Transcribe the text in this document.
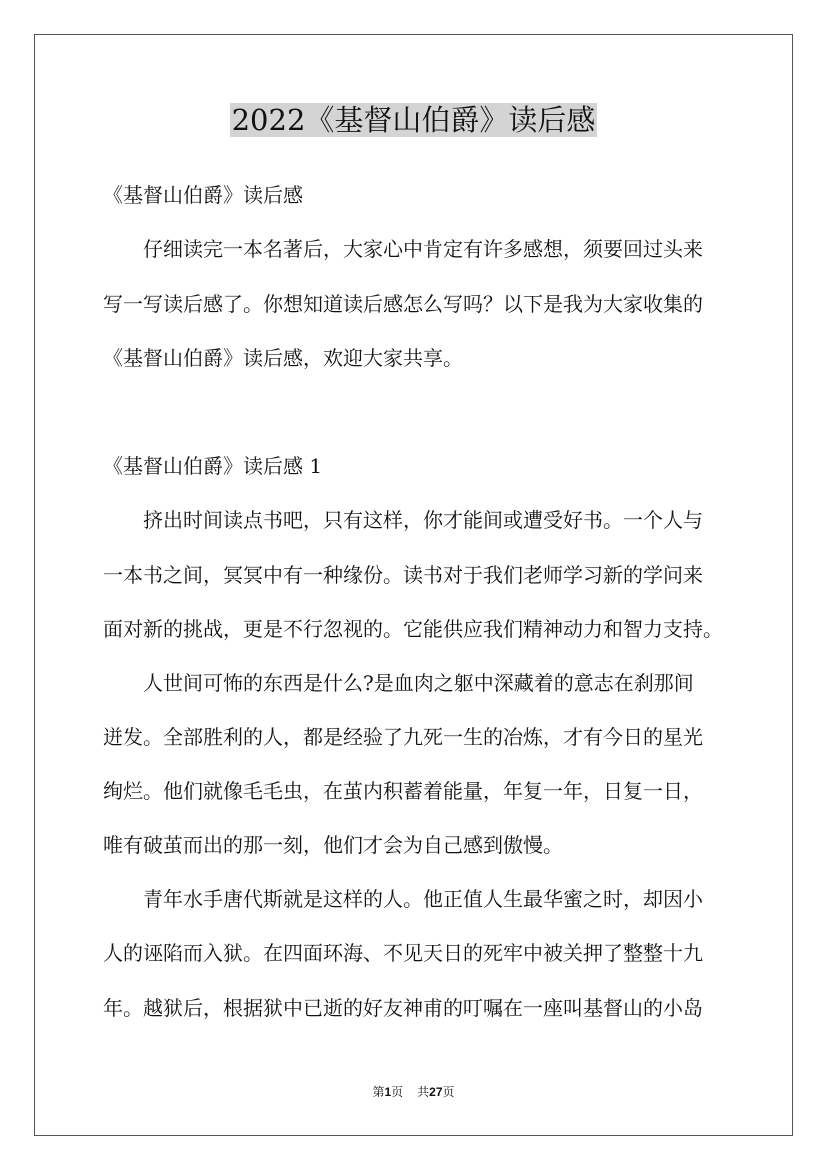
2022《基督山伯爵》读后感
《基督山伯爵》读后感
仔细读完一本名著后，大家心中肯定有许多感想，须要回过头来
写一写读后感了。你想知道读后感怎么写吗？以下是我为大家收集的
《基督山伯爵》读后感，欢迎大家共享。
《基督山伯爵》读后感 1
挤出时间读点书吧，只有这样，你才能间或遭受好书。一个人与
一本书之间，冥冥中有一种缘份。读书对于我们老师学习新的学问来
面对新的挑战，更是不行忽视的。它能供应我们精神动力和智力支持。
人世间可怖的东西是什么?是血肉之躯中深藏着的意志在刹那间
迸发。全部胜利的人，都是经验了九死一生的冶炼，才有今日的星光
绚烂。他们就像毛毛虫，在茧内积蓄着能量，年复一年，日复一日，
唯有破茧而出的那一刻，他们才会为自己感到傲慢。
青年水手唐代斯就是这样的人。他正值人生最华蜜之时，却因小
人的诬陷而入狱。在四面环海、不见天日的死牢中被关押了整整十九
年。越狱后，根据狱中已逝的好友神甫的叮嘱在一座叫基督山的小岛
第1页 共27页
